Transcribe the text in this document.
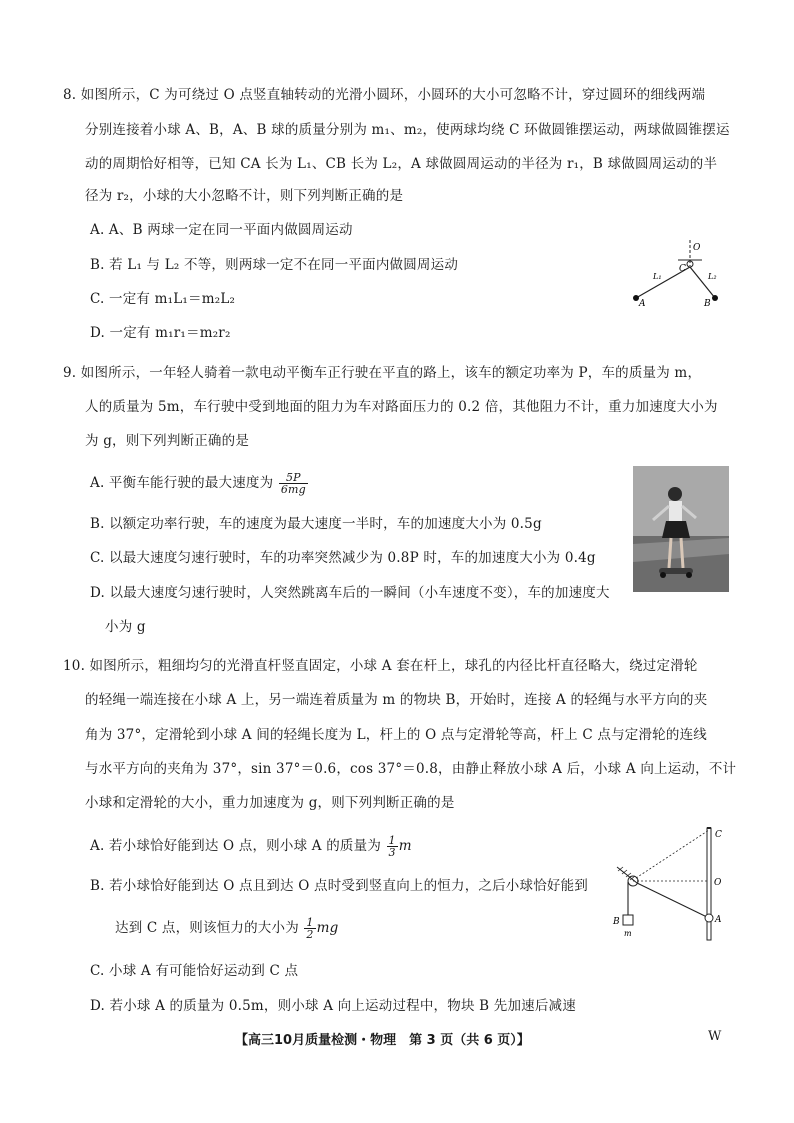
8. 如图所示，C 为可绕过 O 点竖直轴转动的光滑小圆环，小圆环的大小可忽略不计，穿过圆环的细线两端
分别连接着小球 A、B，A、B 球的质量分别为 m₁、m₂，使两球均绕 C 环做圆锥摆运动，两球做圆锥摆运
动的周期恰好相等，已知 CA 长为 L₁、CB 长为 L₂，A 球做圆周运动的半径为 r₁，B 球做圆周运动的半
径为 r₂，小球的大小忽略不计，则下列判断正确的是
A. A、B 两球一定在同一平面内做圆周运动
B. 若 L₁ 与 L₂ 不等，则两球一定不在同一平面内做圆周运动
C. 一定有 m₁L₁＝m₂L₂
D. 一定有 m₁r₁＝m₂r₂
O
C
L₁	L₂
A	B
9. 如图所示，一年轻人骑着一款电动平衡车正行驶在平直的路上，该车的额定功率为 P，车的质量为 m，
人的质量为 5m，车行驶中受到地面的阻力为车对路面压力的 0.2 倍，其他阻力不计，重力加速度大小为
为 g，则下列判断正确的是
A. 平衡车能行驶的最大速度为 $\frac{5P}{6mg}$
B. 以额定功率行驶，车的速度为最大速度一半时，车的加速度大小为 0.5g
C. 以最大速度匀速行驶时，车的功率突然减少为 0.8P 时，车的加速度大小为 0.4g
D. 以最大速度匀速行驶时，人突然跳离车后的一瞬间（小车速度不变），车的加速度大
小为 g
10. 如图所示，粗细均匀的光滑直杆竖直固定，小球 A 套在杆上，球孔的内径比杆直径略大，绕过定滑轮
的轻绳一端连接在小球 A 上，另一端连着质量为 m 的物块 B，开始时，连接 A 的轻绳与水平方向的夹
角为 37°，定滑轮到小球 A 间的轻绳长度为 L，杆上的 O 点与定滑轮等高，杆上 C 点与定滑轮的连线
与水平方向的夹角为 37°，sin 37°＝0.6，cos 37°＝0.8，由静止释放小球 A 后，小球 A 向上运动，不计
小球和定滑轮的大小，重力加速度为 g，则下列判断正确的是
A. 若小球恰好能到达 O 点，则小球 A 的质量为 $\frac{1}{3}$ m
B. 若小球恰好能到达 O 点且到达 O 点时受到竖直向上的恒力，之后小球恰好能到
达到 C 点，则该恒力的大小为 $\frac{1}{2}$ mg
C. 小球 A 有可能恰好运动到 C 点
D. 若小球 A 的质量为 0.5m，则小球 A 向上运动过程中，物块 B 先加速后减速
C
O
A
B
m
【高三10月质量检测・物理　第 3 页（共 6 页）】	W
